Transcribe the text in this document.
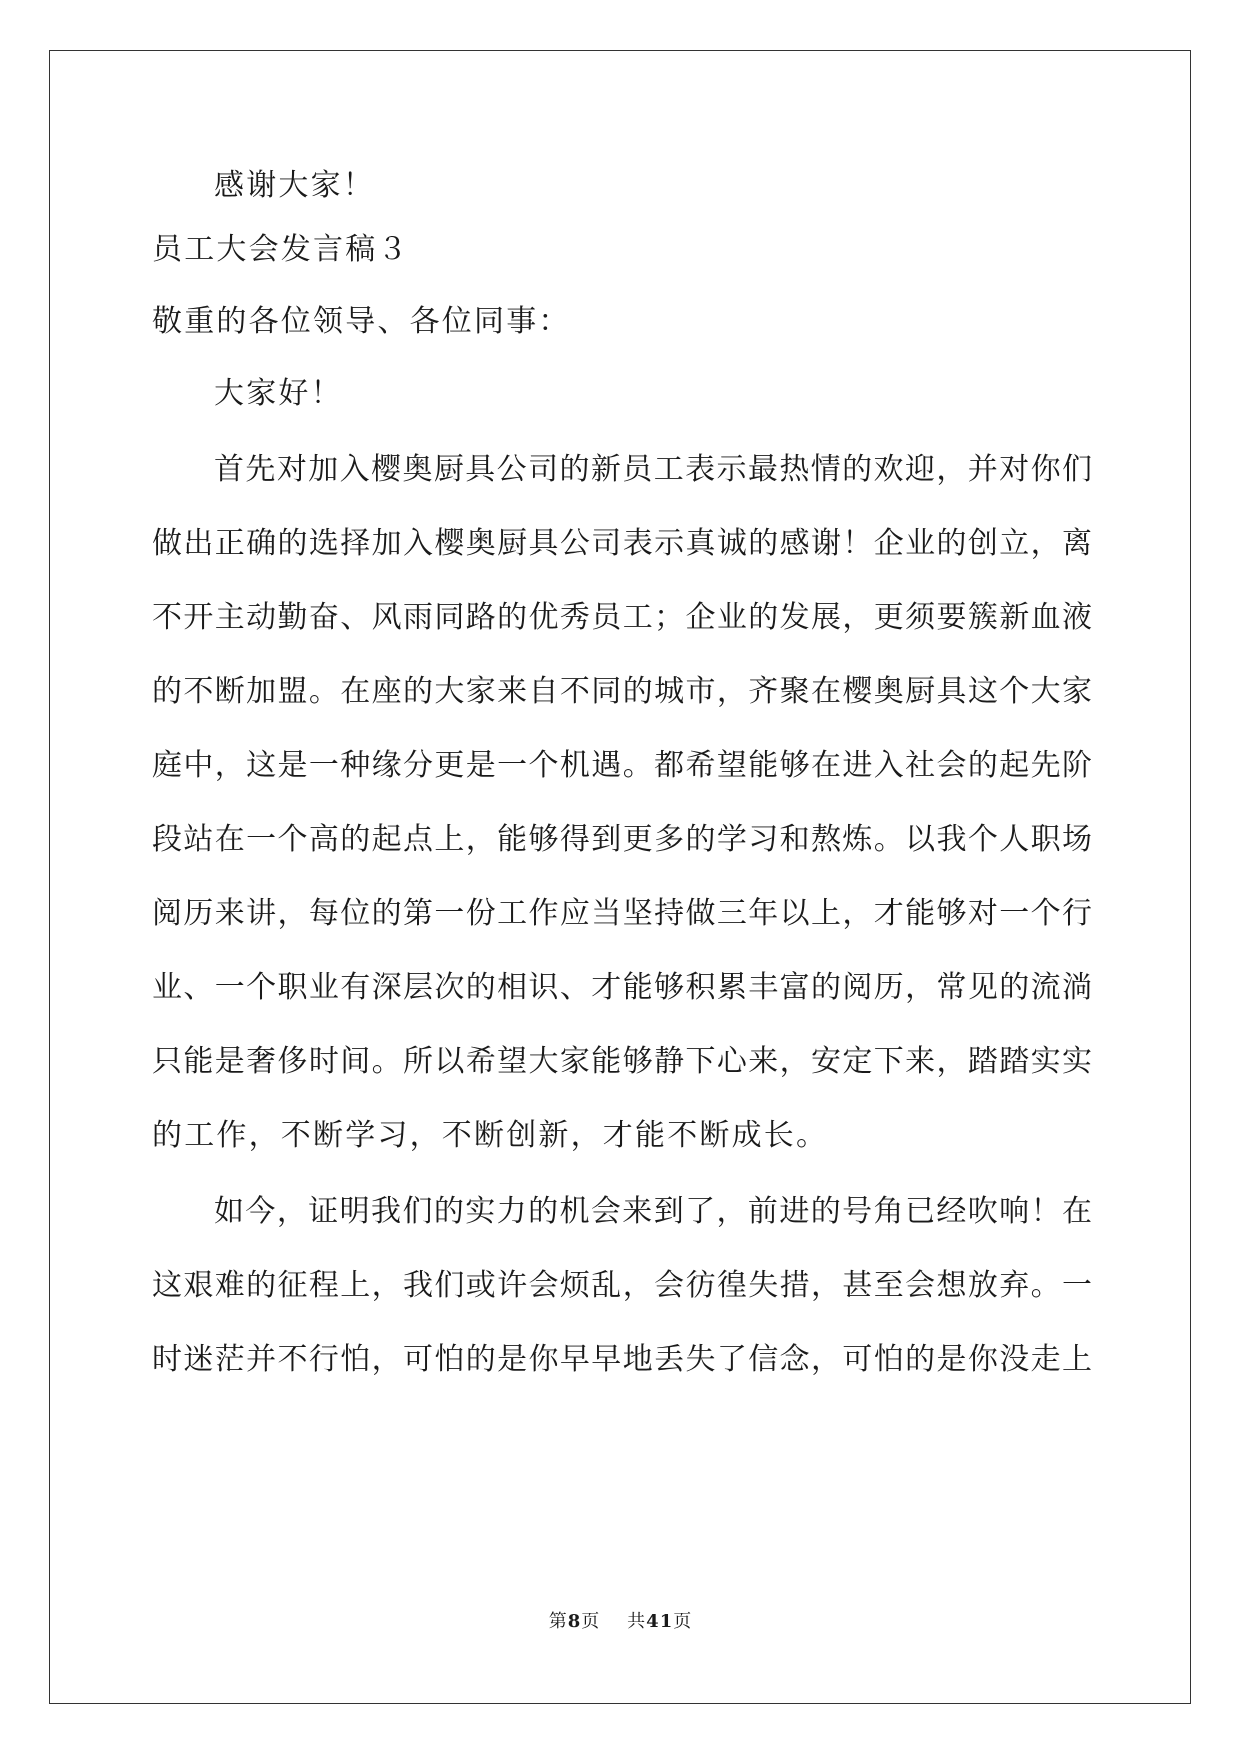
感谢大家！
员工大会发言稿３
敬重的各位领导、各位同事：
大家好！
首先对加入樱奥厨具公司的新员工表示最热情的欢迎，并对你们
做出正确的选择加入樱奥厨具公司表示真诚的感谢！企业的创立，离
不开主动勤奋、风雨同路的优秀员工；企业的发展，更须要簇新血液
的不断加盟。在座的大家来自不同的城市，齐聚在樱奥厨具这个大家
庭中，这是一种缘分更是一个机遇。都希望能够在进入社会的起先阶
段站在一个高的起点上，能够得到更多的学习和熬炼。以我个人职场
阅历来讲，每位的第一份工作应当坚持做三年以上，才能够对一个行
业、一个职业有深层次的相识、才能够积累丰富的阅历，常见的流淌
只能是奢侈时间。所以希望大家能够静下心来，安定下来，踏踏实实
的工作，不断学习，不断创新，才能不断成长。
如今，证明我们的实力的机会来到了，前进的号角已经吹响！在
这艰难的征程上，我们或许会烦乱，会彷徨失措，甚至会想放弃。一
时迷茫并不行怕，可怕的是你早早地丢失了信念，可怕的是你没走上
第8页 共41页
